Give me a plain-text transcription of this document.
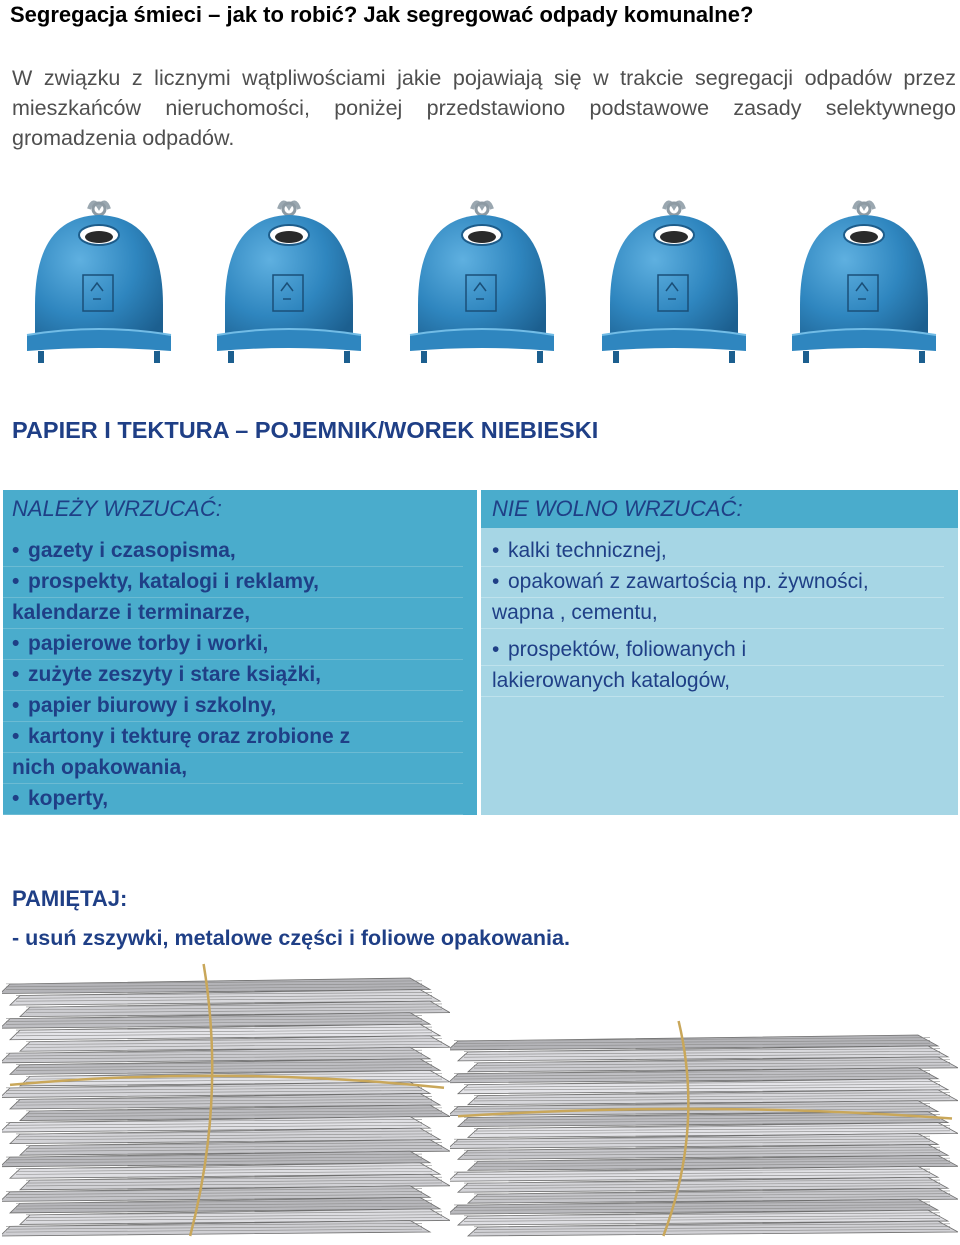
Segregacja śmieci – jak to robić? Jak segregować odpady komunalne?

W związku z licznymi wątpliwościami jakie pojawiają się w trakcie segregacji odpadów przez mieszkańców nieruchomości, poniżej przedstawiono podstawowe zasady selektywnego gromadzenia odpadów.

PAPIER I TEKTURA – POJEMNIK/WOREK NIEBIESKI
NALEŻY WRZUCAĆ:
• gazety i czasopisma,
• prospekty, katalogi i reklamy,
kalendarze i terminarze,
• papierowe torby i worki,
• zużyte zeszyty i stare książki,
• papier biurowy i szkolny,
• kartony i tekturę oraz zrobione z
nich opakowania,
• koperty,
NIE WOLNO WRZUCAĆ:
• kalki technicznej,
• opakowań z zawartością np. żywności,
wapna , cementu,
• prospektów, foliowanych i
lakierowanych katalogów,
PAMIĘTAJ:

- usuń zszywki, metalowe części i foliowe opakowania.
